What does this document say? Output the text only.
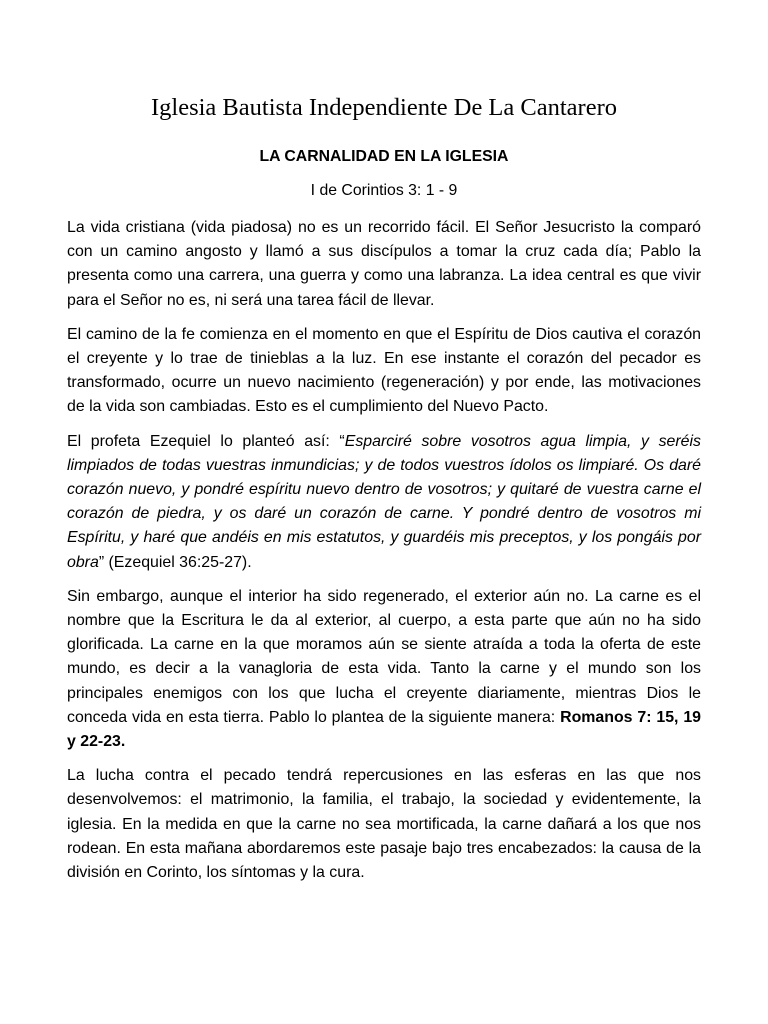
Iglesia Bautista Independiente De La Cantarero
LA CARNALIDAD EN LA IGLESIA
I de Corintios 3: 1 - 9

La vida cristiana (vida piadosa) no es un recorrido fácil. El Señor Jesucristo la comparó con un camino angosto y llamó a sus discípulos a tomar la cruz cada día; Pablo la presenta como una carrera, una guerra y como una labranza. La idea central es que vivir para el Señor no es, ni será una tarea fácil de llevar.

El camino de la fe comienza en el momento en que el Espíritu de Dios cautiva el corazón el creyente y lo trae de tinieblas a la luz. En ese instante el corazón del pecador es transformado, ocurre un nuevo nacimiento (regeneración) y por ende, las motivaciones de la vida son cambiadas. Esto es el cumplimiento del Nuevo Pacto.

El profeta Ezequiel lo planteó así: “Esparciré sobre vosotros agua limpia, y seréis limpiados de todas vuestras inmundicias; y de todos vuestros ídolos os limpiaré. Os daré corazón nuevo, y pondré espíritu nuevo dentro de vosotros; y quitaré de vuestra carne el corazón de piedra, y os daré un corazón de carne. Y pondré dentro de vosotros mi Espíritu, y haré que andéis en mis estatutos, y guardéis mis preceptos, y los pongáis por obra” (Ezequiel 36:25-27).

Sin embargo, aunque el interior ha sido regenerado, el exterior aún no. La carne es el nombre que la Escritura le da al exterior, al cuerpo, a esta parte que aún no ha sido glorificada. La carne en la que moramos aún se siente atraída a toda la oferta de este mundo, es decir a la vanagloria de esta vida. Tanto la carne y el mundo son los principales enemigos con los que lucha el creyente diariamente, mientras Dios le conceda vida en esta tierra. Pablo lo plantea de la siguiente manera: Romanos 7: 15, 19 y 22-23.

La lucha contra el pecado tendrá repercusiones en las esferas en las que nos desenvolvemos: el matrimonio, la familia, el trabajo, la sociedad y evidentemente, la iglesia. En la medida en que la carne no sea mortificada, la carne dañará a los que nos rodean. En esta mañana abordaremos este pasaje bajo tres encabezados: la causa de la división en Corinto, los síntomas y la cura.
